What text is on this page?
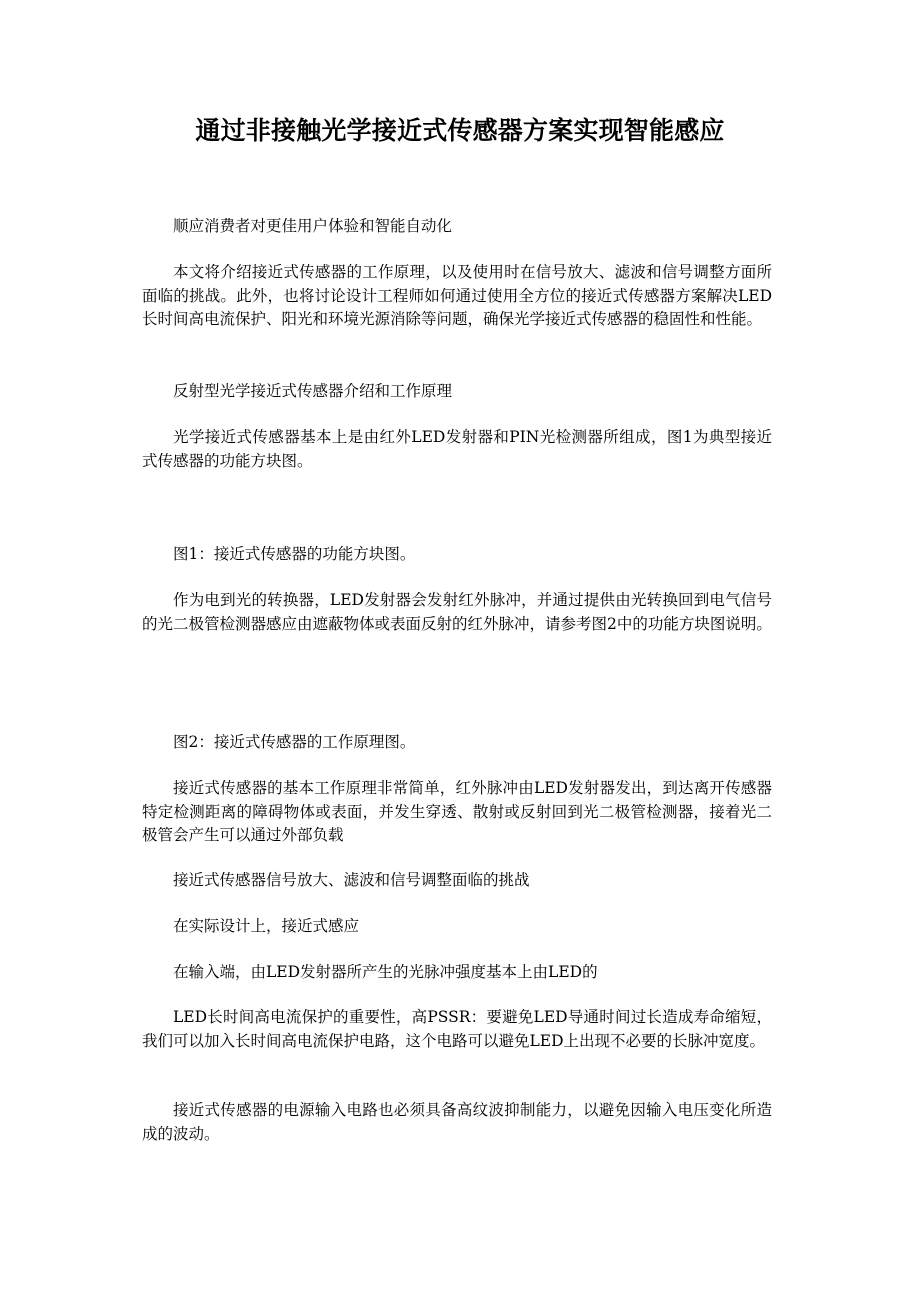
通过非接触光学接近式传感器方案实现智能感应

顺应消费者对更佳用户体验和智能自动化

本文将介绍接近式传感器的工作原理，以及使用时在信号放大、滤波和信号调整方面所面临的挑战。此外，也将讨论设计工程师如何通过使用全方位的接近式传感器方案解决LED长时间高电流保护、阳光和环境光源消除等问题，确保光学接近式传感器的稳固性和性能。

反射型光学接近式传感器介绍和工作原理

光学接近式传感器基本上是由红外LED发射器和PIN光检测器所组成，图1为典型接近式传感器的功能方块图。

图1：接近式传感器的功能方块图。

作为电到光的转换器，LED发射器会发射红外脉冲，并通过提供由光转换回到电气信号的光二极管检测器感应由遮蔽物体或表面反射的红外脉冲，请参考图2中的功能方块图说明。

图2：接近式传感器的工作原理图。

接近式传感器的基本工作原理非常简单，红外脉冲由LED发射器发出，到达离开传感器特定检测距离的障碍物体或表面，并发生穿透、散射或反射回到光二极管检测器，接着光二极管会产生可以通过外部负载

接近式传感器信号放大、滤波和信号调整面临的挑战

在实际设计上，接近式感应

在输入端，由LED发射器所产生的光脉冲强度基本上由LED的

LED长时间高电流保护的重要性，高PSSR：要避免LED导通时间过长造成寿命缩短，我们可以加入长时间高电流保护电路，这个电路可以避免LED上出现不必要的长脉冲宽度。

接近式传感器的电源输入电路也必须具备高纹波抑制能力，以避免因输入电压变化所造成的波动。
